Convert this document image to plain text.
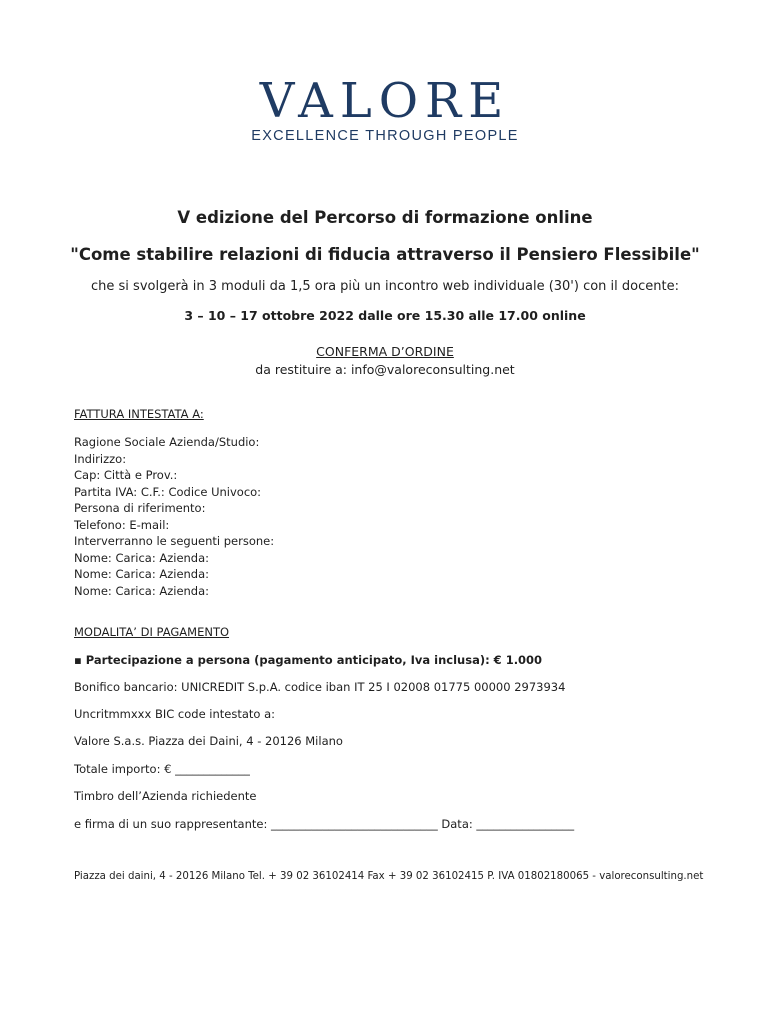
VALORE
EXCELLENCE THROUGH PEOPLE
V edizione del Percorso di formazione online
"Come stabilire relazioni di fiducia attraverso il Pensiero Flessibile"
che si svolgerà in 3 moduli da 1,5 ora più un incontro web individuale (30') con il docente:
3 – 10 – 17 ottobre 2022 dalle ore 15.30 alle 17.00 online
CONFERMA D’ORDINE
da restituire a: info@valoreconsulting.net
FATTURA INTESTATA A:
Ragione Sociale Azienda/Studio:
Indirizzo:
Cap: Città e Prov.:
Partita IVA: C.F.: Codice Univoco:
Persona di riferimento:
Telefono: E-mail:
Interverranno le seguenti persone:
Nome: Carica: Azienda:
Nome: Carica: Azienda:
Nome: Carica: Azienda:
MODALITA’ DI PAGAMENTO
▪ Partecipazione a persona (pagamento anticipato, Iva inclusa): € 1.000
Bonifico bancario: UNICREDIT S.p.A. codice iban IT 25 I 02008 01775 00000 2973934
Uncritmmxxx BIC code intestato a:
Valore S.a.s. Piazza dei Daini, 4 - 20126 Milano
Totale importo: € _____________
Timbro dell’Azienda richiedente
e firma di un suo rappresentante: _____________________________ Data: _________________
Piazza dei daini, 4 - 20126 Milano Tel. + 39 02 36102414 Fax + 39 02 36102415 P. IVA 01802180065 - valoreconsulting.net
